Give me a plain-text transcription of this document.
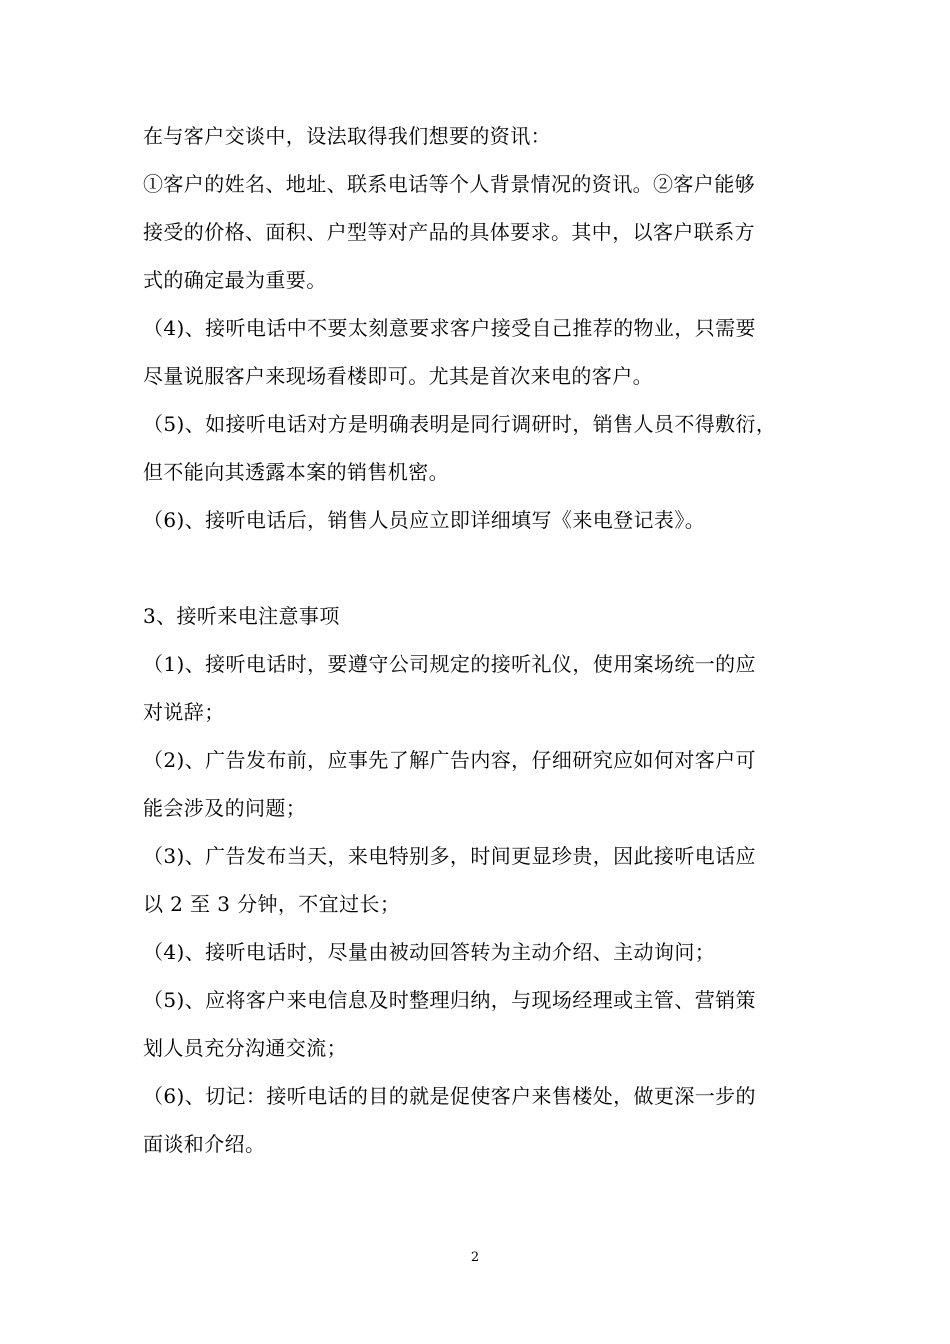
在与客户交谈中，设法取得我们想要的资讯：
①客户的姓名、地址、联系电话等个人背景情况的资讯。②客户能够
接受的价格、面积、户型等对产品的具体要求。其中，以客户联系方
式的确定最为重要。
（4)、接听电话中不要太刻意要求客户接受自己推荐的物业，只需要
尽量说服客户来现场看楼即可。尤其是首次来电的客户。
（5)、如接听电话对方是明确表明是同行调研时，销售人员不得敷衍，
但不能向其透露本案的销售机密。
（6)、接听电话后，销售人员应立即详细填写《来电登记表》。
3、接听来电注意事项
（1)、接听电话时，要遵守公司规定的接听礼仪，使用案场统一的应
对说辞；
（2)、广告发布前，应事先了解广告内容，仔细研究应如何对客户可
能会涉及的问题；
（3)、广告发布当天，来电特别多，时间更显珍贵，因此接听电话应
以 2 至 3 分钟，不宜过长；
（4)、接听电话时，尽量由被动回答转为主动介绍、主动询问；
（5)、应将客户来电信息及时整理归纳，与现场经理或主管、营销策
划人员充分沟通交流；
（6)、切记：接听电话的目的就是促使客户来售楼处，做更深一步的
面谈和介绍。
2
